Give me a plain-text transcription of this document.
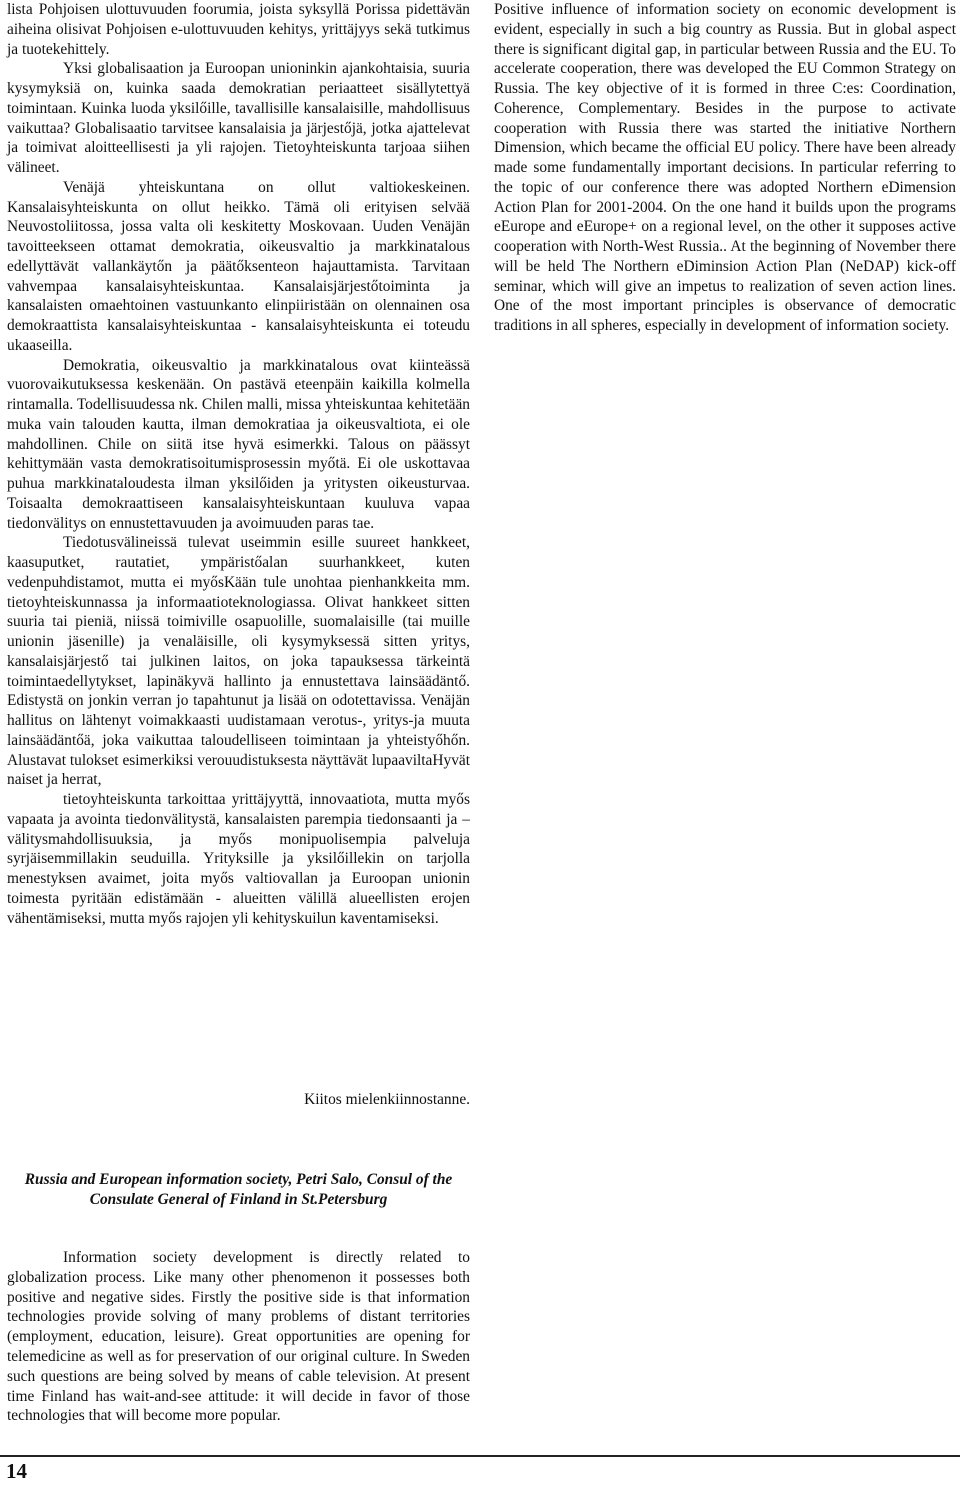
lista Pohjoisen ulottuvuuden foorumia, joista syksyllä Porissa pidettävän aiheina olisivat Pohjoisen e-ulottuvuuden kehitys, yrittäjyys sekä tutkimus ja tuotekehittely.

Yksi globalisaation ja Euroopan unioninkin ajankohtaisia, suuria kysymyksiä on, kuinka saada demokratian periaatteet sisällytettyä toimintaan. Kuinka luoda yksilőille, tavallisille kansalaisille, mahdollisuus vaikuttaa? Globalisaatio tarvitsee kansalaisia ja järjestőjä, jotka ajattelevat ja toimivat aloitteellisesti ja yli rajojen. Tietoyhteiskunta tarjoaa siihen välineet.

Venäjä yhteiskuntana on ollut valtiokeskeinen. Kansalaisyhteiskunta on ollut heikko. Tämä oli erityisen selvää Neuvostoliitossa, jossa valta oli keskitetty Moskovaan. Uuden Venäjän tavoitteekseen ottamat demokratia, oikeusvaltio ja markkinatalous edellyttävät vallankäytőn ja päätőksenteon hajauttamista. Tarvitaan vahvempaa kansalaisyhteiskuntaa. Kansalaisjärjestőtoiminta ja kansalaisten omaehtoinen vastuunkanto elinpiiristään on olennainen osa demokraattista kansalaisyhteiskuntaa - kansalaisyhteiskunta ei toteudu ukaaseilla.

Demokratia, oikeusvaltio ja markkinatalous ovat kiinteässä vuorovaikutuksessa keskenään. On pastävä eteenpäin kaikilla kolmella rintamalla. Todellisuudessa nk. Chilen malli, missa yhteiskuntaa kehitetään muka vain talouden kautta, ilman demokratiaa ja oikeusvaltiota, ei ole mahdollinen. Chile on siitä itse hyvä esimerkki. Talous on päässyt kehittymään vasta demokratisoitumisprosessin myőtä. Ei ole uskottavaa puhua markkinataloudesta ilman yksilőiden ja yritysten oikeusturvaa. Toisaalta demokraattiseen kansalaisyhteiskuntaan kuuluva vapaa tiedonvälitys on ennustettavuuden ja avoimuuden paras tae.

Tiedotusvälineissä tulevat useimmin esille suureet hankkeet, kaasuputket, rautatiet, ympäristőalan suurhankkeet, kuten vedenpuhdistamot, mutta ei myősKään tule unohtaa pienhankkeita mm. tietoyhteiskunnassa ja informaatioteknologiassa. Olivat hankkeet sitten suuria tai pieniä, niissä toimiville osapuolille, suomalaisille (tai muille unionin jäsenille) ja venaläisille, oli kysymyksessä sitten yritys, kansalaisjärjestő tai julkinen laitos, on joka tapauksessa tärkeintä toimintaedellytykset, lapinäkyvä hallinto ja ennustettava lainsäädäntő. Edistystä on jonkin verran jo tapahtunut ja lisää on odotettavissa. Venäjän hallitus on lähtenyt voimakkaasti uudistamaan verotus-, yritys-ja muuta lainsäädäntőä, joka vaikuttaa taloudelliseen toimintaan ja yhteistyőhőn. Alustavat tulokset esimerkiksi verouudistuksesta näyttävät lupaaviltaHyvät naiset ja herrat,

tietoyhteiskunta tarkoittaa yrittäjyyttä, innovaatiota, mutta myős vapaata ja avointa tiedonvälitystä, kansalaisten parempia tiedonsaanti ja –välitysmahdollisuuksia, ja myős monipuolisempia palveluja syrjäisemmillakin seuduilla. Yrityksille ja yksilőillekin on tarjolla menestyksen avaimet, joita myős valtiovallan ja Euroopan unionin toimesta pyritään edistämään - alueitten välillä alueellisten erojen vähentämiseksi, mutta myős rajojen yli kehityskuilun kaventamiseksi.

Kiitos mielenkiinnostanne.
Russia and European information society, Petri Salo, Consul of the Consulate General of Finland in St.Petersburg

Information society development is directly related to globalization process. Like many other phenomenon it possesses both positive and negative sides. Firstly the positive side is that information technologies provide solving of many problems of distant territories (employment, education, leisure). Great opportunities are opening for telemedicine as well as for preservation of our original culture. In Sweden such questions are being solved by means of cable television. At present time Finland has wait-and-see attitude: it will decide in favor of those technologies that will become more popular.

Positive influence of information society on economic development is evident, especially in such a big country as Russia. But in global aspect there is significant digital gap, in particular between Russia and the EU. To accelerate cooperation, there was developed the EU Common Strategy on Russia. The key objective of it is formed in three C:es: Coordination, Coherence, Complementary. Besides in the purpose to activate cooperation with Russia there was started the initiative Northern Dimension, which became the official EU policy. There have been already made some fundamentally important decisions. In particular referring to the topic of our conference there was adopted Northern eDimension Action Plan for 2001-2004. On the one hand it builds upon the programs eEurope and eEurope+ on a regional level, on the other it supposes active cooperation with North-West Russia.. At the beginning of November there will be held The Northern eDiminsion Action Plan (NeDAP) kick-off seminar, which will give an impetus to realization of seven action lines. One of the most important principles is observance of democratic traditions in all spheres, especially in development of information society.

14
